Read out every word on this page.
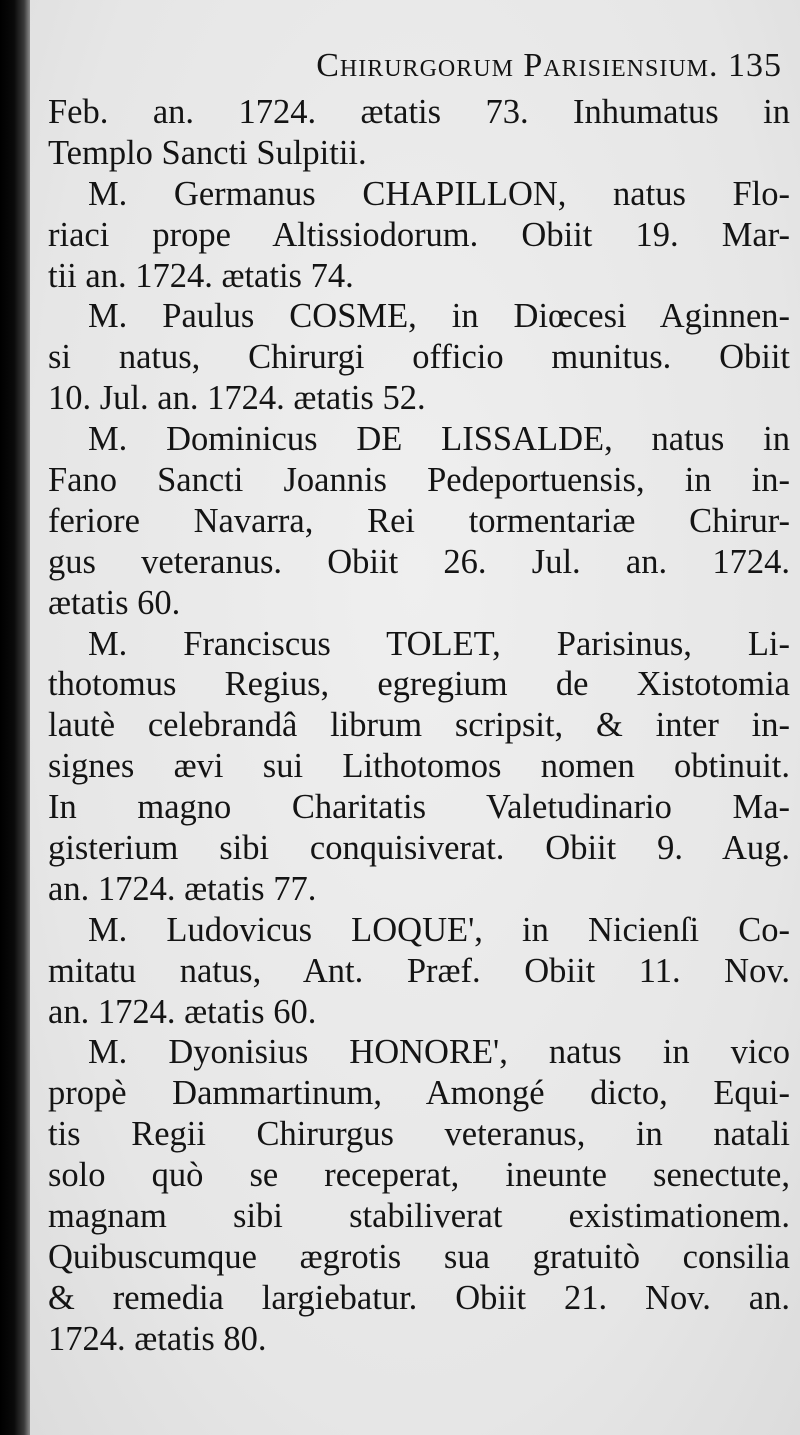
Chirurgorum Parisiensium. 135
Feb. an. 1724. ætatis 73. Inhumatus in
Templo Sancti Sulpitii.
M. Germanus CHAPILLON, natus Flo-
riaci prope Altissiodorum. Obiit 19. Mar-
tii an. 1724. ætatis 74.
M. Paulus COSME, in Diœcesi Aginnen-
si natus, Chirurgi officio munitus. Obiit
10. Jul. an. 1724. ætatis 52.
M. Dominicus DE LISSALDE, natus in
Fano Sancti Joannis Pedeportuensis, in in-
feriore Navarra, Rei tormentariæ Chirur-
gus veteranus. Obiit 26. Jul. an. 1724.
ætatis 60.
M. Franciscus TOLET, Parisinus, Li-
thotomus Regius, egregium de Xistotomia
lautè celebrandâ librum scripsit, & inter in-
signes ævi sui Lithotomos nomen obtinuit.
In magno Charitatis Valetudinario Ma-
gisterium sibi conquisiverat. Obiit 9. Aug.
an. 1724. ætatis 77.
M. Ludovicus LOQUE', in Nicienſi Co-
mitatu natus, Ant. Præf. Obiit 11. Nov.
an. 1724. ætatis 60.
M. Dyonisius HONORE', natus in vico
propè Dammartinum, Amongé dicto, Equi-
tis Regii Chirurgus veteranus, in natali
solo quò se receperat, ineunte senectute,
magnam sibi stabiliverat existimationem.
Quibuscumque ægrotis sua gratuitò consilia
& remedia largiebatur. Obiit 21. Nov. an.
1724. ætatis 80.
